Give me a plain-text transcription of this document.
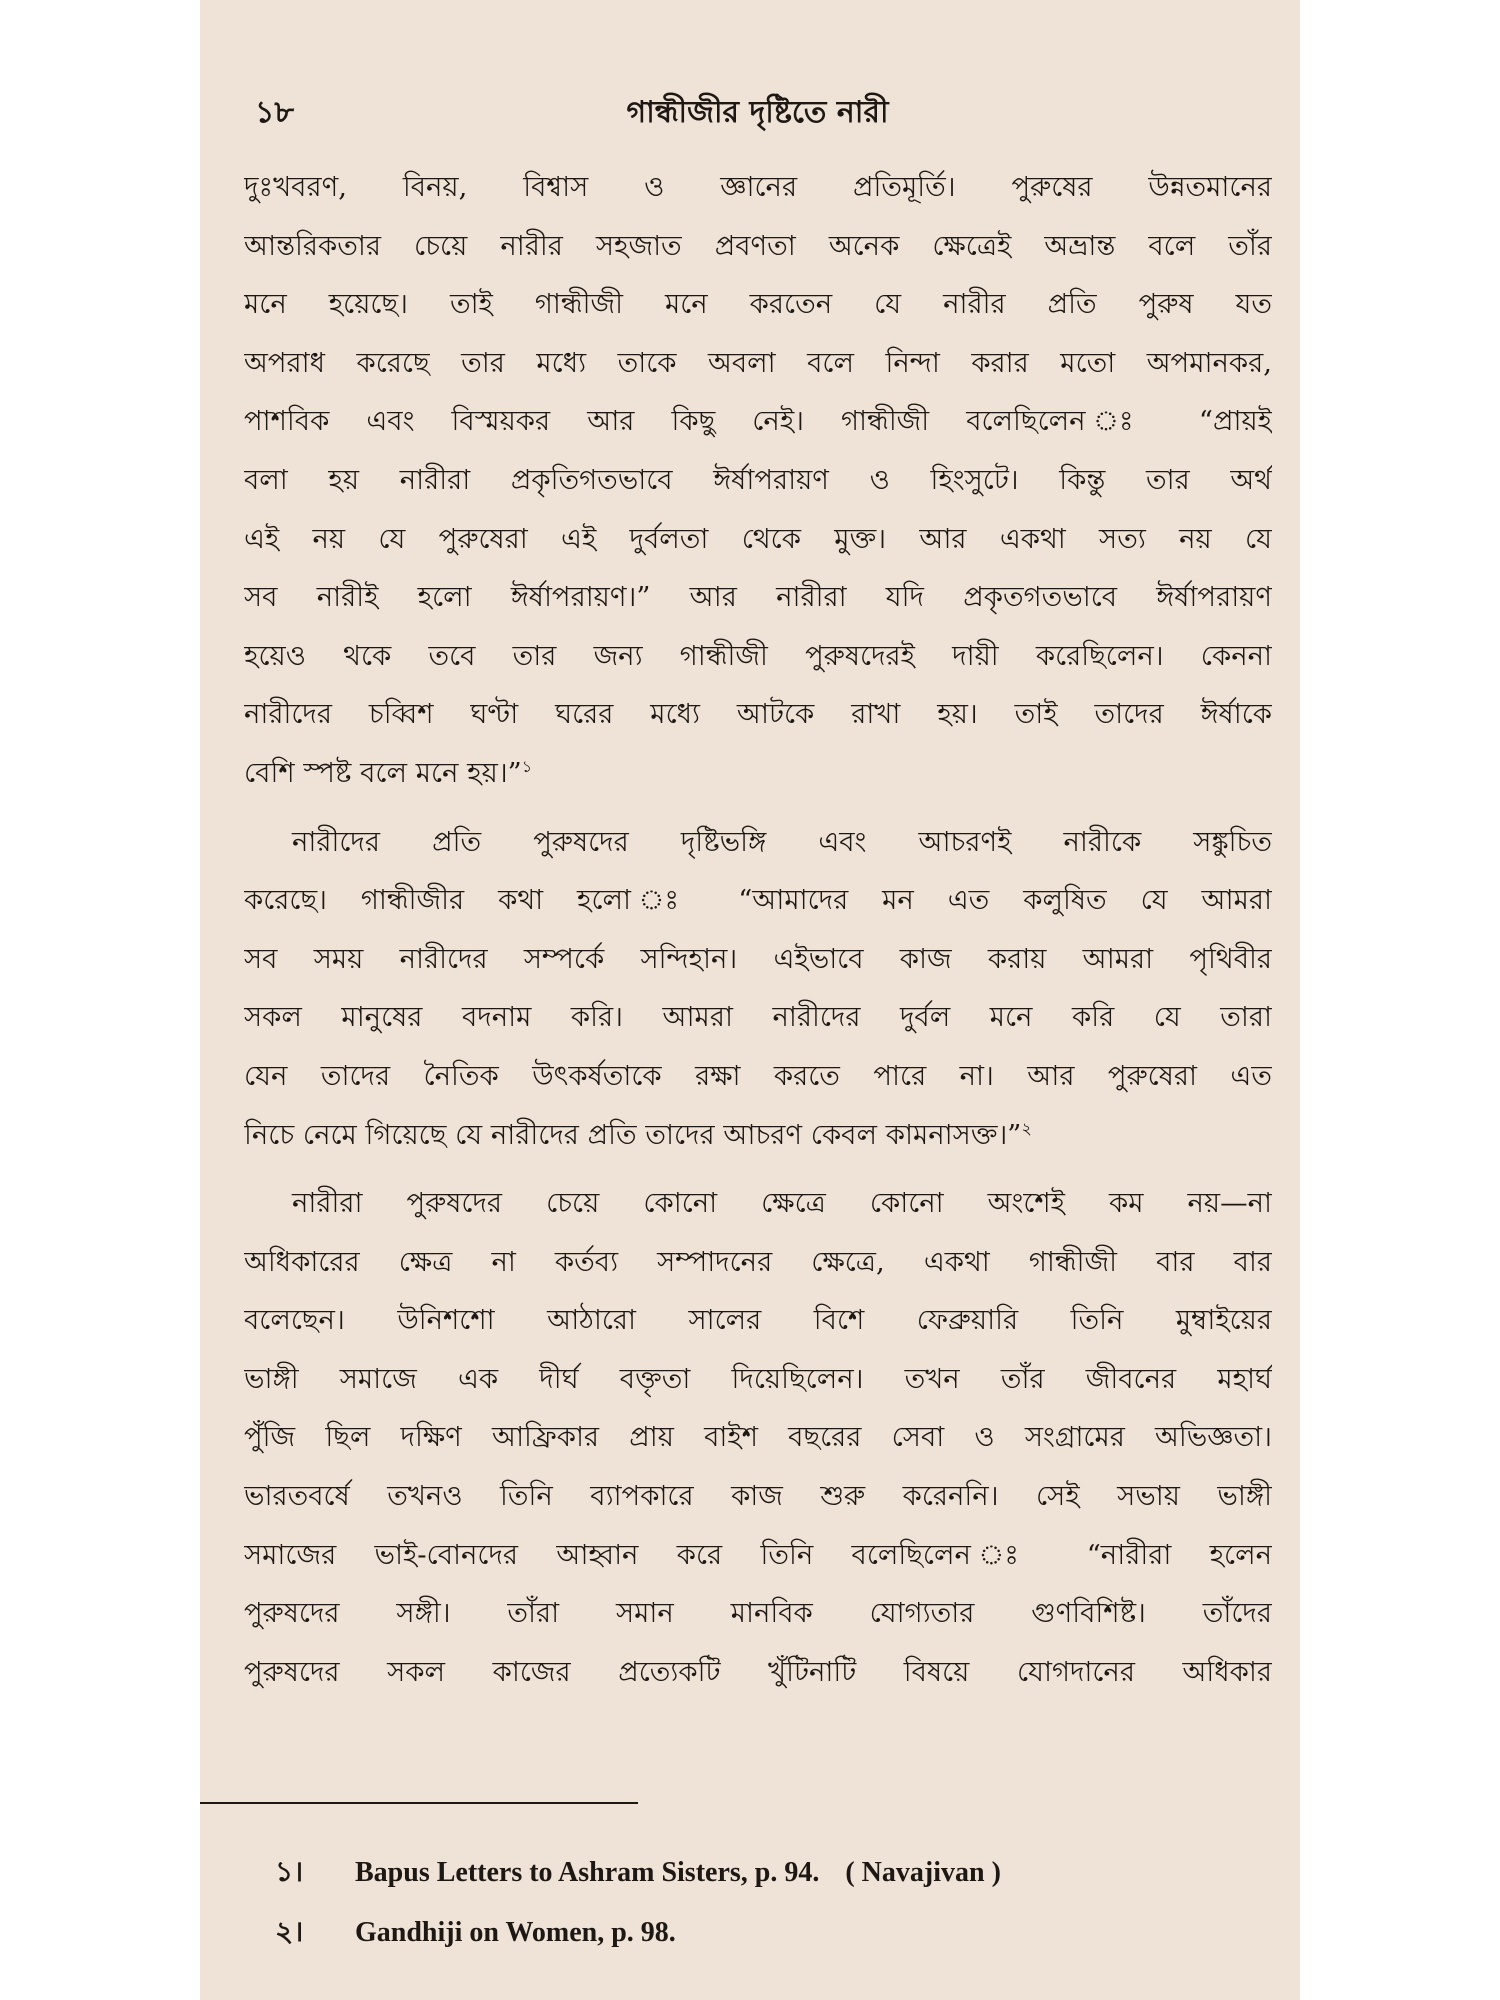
১৮	গান্ধীজীর দৃষ্টিতে নারী

দুঃখবরণ, বিনয়, বিশ্বাস ও জ্ঞানের প্রতিমূর্তি। পুরুষের উন্নতমানের

আন্তরিকতার চেয়ে নারীর সহজাত প্রবণতা অনেক ক্ষেত্রেই অভ্রান্ত বলে তাঁর

মনে হয়েছে। তাই গান্ধীজী মনে করতেন যে নারীর প্রতি পুরুষ যত

অপরাধ করেছে তার মধ্যে তাকে অবলা বলে নিন্দা করার মতো অপমানকর,

পাশবিক এবং বিস্ময়কর আর কিছু নেই। গান্ধীজী বলেছিলেন ঃ “প্রায়ই

বলা হয় নারীরা প্রকৃতিগতভাবে ঈর্ষাপরায়ণ ও হিংসুটে। কিন্তু তার অর্থ

এই নয় যে পুরুষেরা এই দুর্বলতা থেকে মুক্ত। আর একথা সত্য নয় যে

সব নারীই হলো ঈর্ষাপরায়ণ।” আর নারীরা যদি প্রকৃতগতভাবে ঈর্ষাপরায়ণ

হয়েও থকে তবে তার জন্য গান্ধীজী পুরুষদেরই দায়ী করেছিলেন। কেননা

নারীদের চব্বিশ ঘণ্টা ঘরের মধ্যে আটকে রাখা হয়। তাই তাদের ঈর্ষাকে

বেশি স্পষ্ট বলে মনে হয়।”$^১$

নারীদের প্রতি পুরুষদের দৃষ্টিভঙ্গি এবং আচরণই নারীকে সঙ্কুচিত

করেছে। গান্ধীজীর কথা হলো ঃ “আমাদের মন এত কলুষিত যে আমরা

সব সময় নারীদের সম্পর্কে সন্দিহান। এইভাবে কাজ করায় আমরা পৃথিবীর

সকল মানুষের বদনাম করি। আমরা নারীদের দুর্বল মনে করি যে তারা

যেন তাদের নৈতিক উৎকর্ষতাকে রক্ষা করতে পারে না। আর পুরুষেরা এত

নিচে নেমে গিয়েছে যে নারীদের প্রতি তাদের আচরণ কেবল কামনাসক্ত।”$^২$

নারীরা পুরুষদের চেয়ে কোনো ক্ষেত্রে কোনো অংশেই কম নয়—না

অধিকারের ক্ষেত্র না কর্তব্য সম্পাদনের ক্ষেত্রে, একথা গান্ধীজী বার বার

বলেছেন। উনিশশো আঠারো সালের বিশে ফেব্রুয়ারি তিনি মুম্বাইয়ের

ভাঙ্গী সমাজে এক দীর্ঘ বক্তৃতা দিয়েছিলেন। তখন তাঁর জীবনের মহার্ঘ

পুঁজি ছিল দক্ষিণ আফ্রিকার প্রায় বাইশ বছরের সেবা ও সংগ্রামের অভিজ্ঞতা।

ভারতবর্ষে তখনও তিনি ব্যাপকারে কাজ শুরু করেননি। সেই সভায় ভাঙ্গী

সমাজের ভাই-বোনদের আহ্বান করে তিনি বলেছিলেন ঃ “নারীরা হলেন

পুরুষদের সঙ্গী। তাঁরা সমান মানবিক যোগ্যতার গুণবিশিষ্ট। তাঁদের

পুরুষদের সকল কাজের প্রত্যেকটি খুঁটিনাটি বিষয়ে যোগদানের অধিকার

১। Bapus Letters to Ashram Sisters, p. 94. ( Navajivan )
২। Gandhiji on Women, p. 98.
